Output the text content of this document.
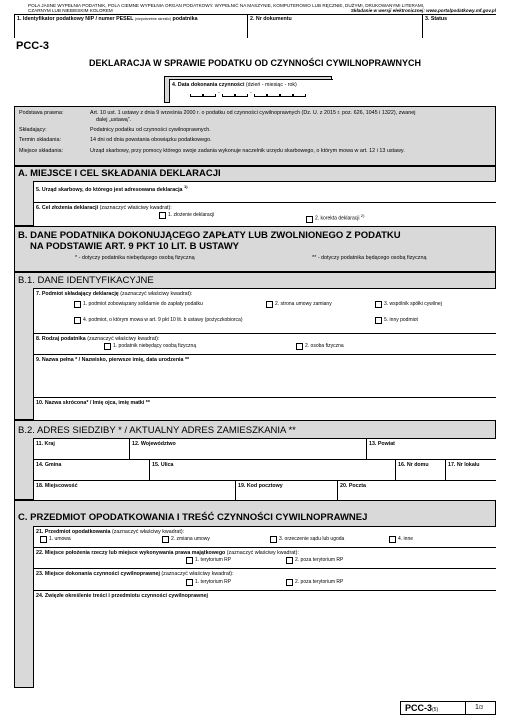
POLA JASNE WYPEŁNIA PODATNIK, POLA CIEMNE WYPEŁNIA ORGAN PODATKOWY. WYPEŁNIĆ NA MASZYNIE, KOMPUTEROWO LUB RĘCZNIE, DUŻYMI, DRUKOWANYMI LITERAMI,
CZARNYM LUB NIEBIESKIM KOLOREM	Składanie w wersji elektronicznej: www.portalpodatkowy.mf.gov.pl
1. Identyfikator podatkowy NIP / numer PESEL (niepotrzebne skreślić) podatnika	2. Nr dokumentu	3. Status
PCC-3
DEKLARACJA W SPRAWIE PODATKU OD CZYNNOŚCI CYWILNOPRAWNYCH
4. Data dokonania czynności (dzień - miesiąc - rok)
-	-
Podstawa prawna:	Art. 10 ust. 1 ustawy z dnia 9 września 2000 r. o podatku od czynności cywilnoprawnych (Dz. U. z 2015 r. poz. 626, 1045 i 1322), zwanej
dalej „ustawą”.
Składający:	Podatnicy podatku od czynności cywilnoprawnych.
Termin składania:	14 dni od dnia powstania obowiązku podatkowego.
Miejsce składania:	Urząd skarbowy, przy pomocy którego swoje zadania wykonuje naczelnik urzędu skarbowego, o którym mowa w art. 12 i 13 ustawy.
A. MIEJSCE I CEL SKŁADANIA DEKLARACJI
5. Urząd skarbowy, do którego jest adresowana deklaracja $^{1)}$
6. Cel złożenia deklaracji (zaznaczyć właściwy kwadrat):
1. złożenie deklaracji
2. korekta deklaracji $^{2)}$
B. DANE PODATNIKA DOKONUJĄCEGO ZAPŁATY LUB ZWOLNIONEGO Z PODATKU
NA PODSTAWIE ART. 9 PKT 10 LIT. B USTAWY
* - dotyczy podatnika niebędącego osobą fizyczną	** - dotyczy podatnika będącego osobą fizyczną
B.1. DANE IDENTYFIKACYJNE
7. Podmiot składający deklarację (zaznaczyć właściwy kwadrat):
1. podmiot zobowiązany solidarnie do zapłaty podatku	2. strona umowy zamiany	3. wspólnik spółki cywilnej
4. podmiot, o którym mowa w art. 9 pkt 10 lit. b ustawy (pożyczkobiorca)	5. inny podmiot
8. Rodzaj podatnika (zaznaczyć właściwy kwadrat):
1. podatnik niebędący osobą fizyczną	2. osoba fizyczna
9. Nazwa pełna * / Nazwisko, pierwsze imię, data urodzenia **
10. Nazwa skrócona* / Imię ojca, imię matki **
B.2. ADRES SIEDZIBY * / AKTUALNY ADRES ZAMIESZKANIA **
11. Kraj	12. Województwo	13. Powiat
14. Gmina	15. Ulica	16. Nr domu	17. Nr lokalu
18. Miejscowość	19. Kod pocztowy	20. Poczta
C. PRZEDMIOT OPODATKOWANIA I TREŚĆ CZYNNOŚCI CYWILNOPRAWNEJ
21. Przedmiot opodatkowania (zaznaczyć właściwy kwadrat):
1. umowa	2. zmiana umowy	3. orzeczenie sądu lub ugoda	4. inne
22. Miejsce położenia rzeczy lub miejsce wykonywania prawa majątkowego (zaznaczyć właściwy kwadrat):
1. terytorium RP	2. poza terytorium RP
23. Miejsce dokonania czynności cywilnoprawnej (zaznaczyć właściwy kwadrat):
1. terytorium RP	2. poza terytorium RP
24. Zwięzłe określenie treści i przedmiotu czynności cywilnoprawnej
PCC-3(5)	1/3
